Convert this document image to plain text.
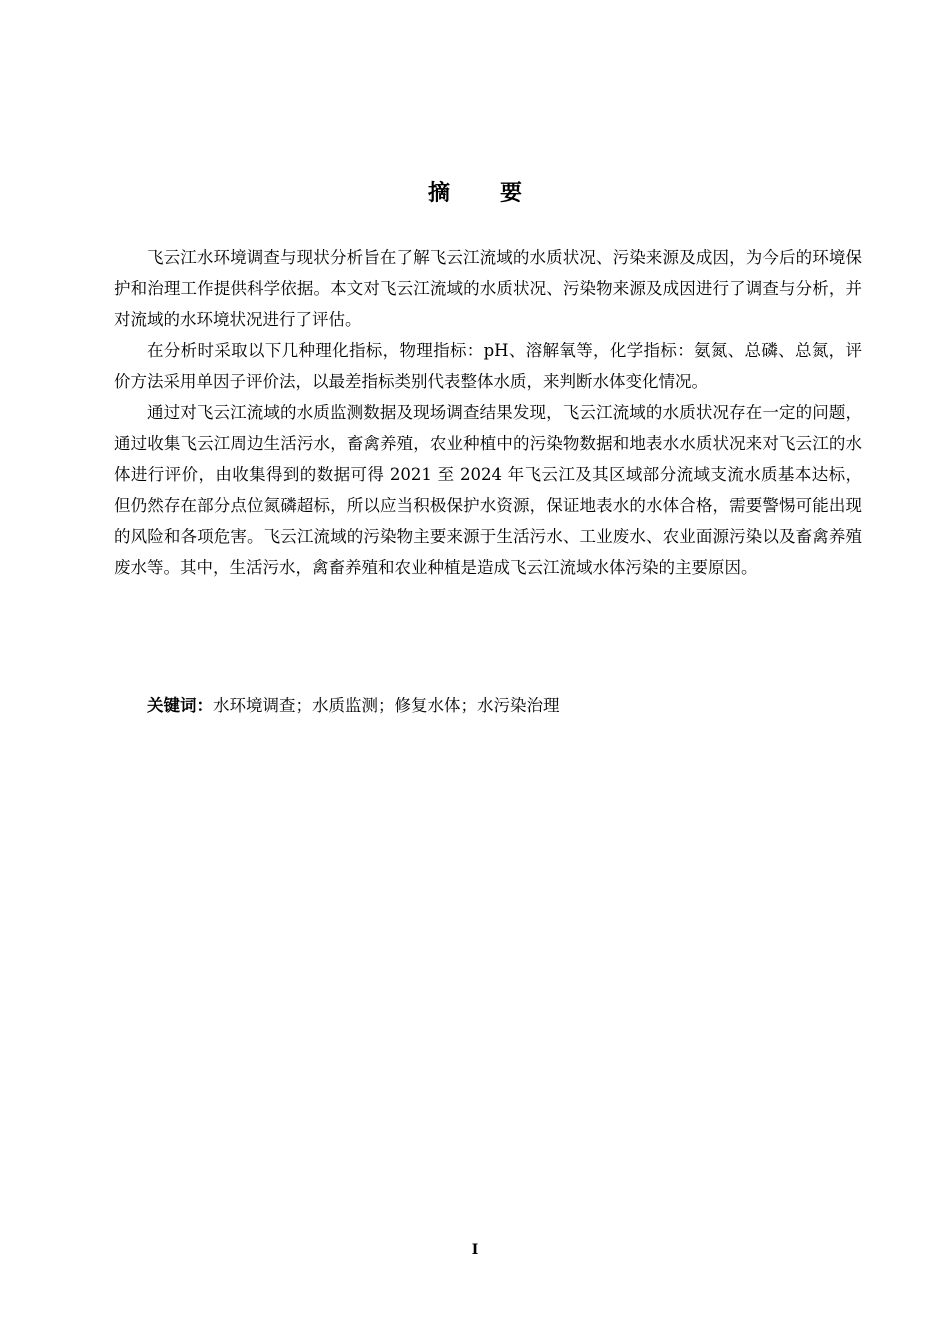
摘 要

飞云江水环境调查与现状分析旨在了解飞云江流域的水质状况、污染来源及成因，为今后的环境保护和治理工作提供科学依据。本文对飞云江流域的水质状况、污染物来源及成因进行了调查与分析，并对流域的水环境状况进行了评估。

在分析时采取以下几种理化指标，物理指标：pH、溶解氧等，化学指标：氨氮、总磷、总氮，评价方法采用单因子评价法，以最差指标类别代表整体水质，来判断水体变化情况。

通过对飞云江流域的水质监测数据及现场调查结果发现，飞云江流域的水质状况存在一定的问题，通过收集飞云江周边生活污水，畜禽养殖，农业种植中的污染物数据和地表水水质状况来对飞云江的水体进行评价，由收集得到的数据可得 2021 至 2024 年飞云江及其区域部分流域支流水质基本达标，但仍然存在部分点位氮磷超标，所以应当积极保护水资源，保证地表水的水体合格，需要警惕可能出现的风险和各项危害。飞云江流域的污染物主要来源于生活污水、工业废水、农业面源污染以及畜禽养殖废水等。其中，生活污水，禽畜养殖和农业种植是造成飞云江流域水体污染的主要原因。

关键词：水环境调查；水质监测；修复水体；水污染治理
I
